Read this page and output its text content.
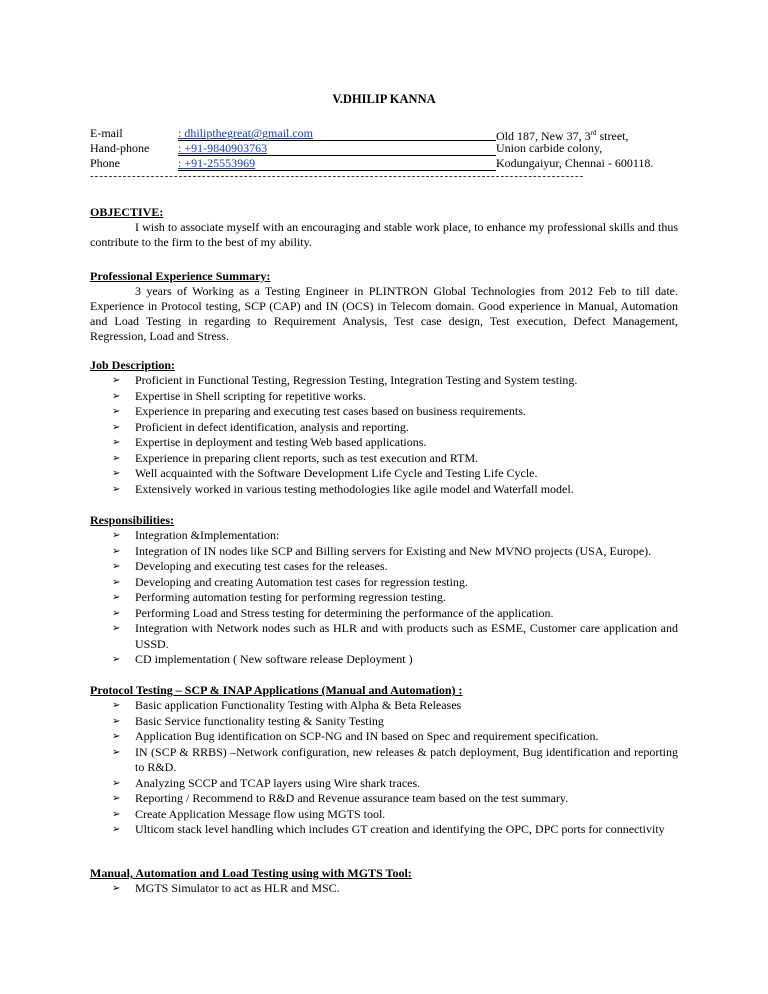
V.DHILIP KANNA
E-mail	: dhilipthegreat@gmail.com	Old 187, New 37, 3rd street,
Hand-phone : +91-9840903763	Union carbide colony,
Phone	: +91-25553969	Kodungaiyur, Chennai - 600118.
----------------------------------------------------------------------------------------------------------
OBJECTIVE:
I wish to associate myself with an encouraging and stable work place, to enhance my professional skills and thus contribute to the firm to the best of my ability.
Professional Experience Summary:
3 years of Working as a Testing Engineer in PLINTRON Global Technologies from 2012 Feb to till date. Experience in Protocol testing, SCP (CAP) and IN (OCS) in Telecom domain. Good experience in Manual, Automation and Load Testing in regarding to Requirement Analysis, Test case design, Test execution, Defect Management, Regression, Load and Stress.
Job Description:
➢ Proficient in Functional Testing, Regression Testing, Integration Testing and System testing.
➢ Expertise in Shell scripting for repetitive works.
➢ Experience in preparing and executing test cases based on business requirements.
➢ Proficient in defect identification, analysis and reporting.
➢ Expertise in deployment and testing Web based applications.
➢ Experience in preparing client reports, such as test execution and RTM.
➢ Well acquainted with the Software Development Life Cycle and Testing Life Cycle.
➢ Extensively worked in various testing methodologies like agile model and Waterfall model.
Responsibilities:
➢ Integration &Implementation:
➢ Integration of IN nodes like SCP and Billing servers for Existing and New MVNO projects (USA, Europe).
➢ Developing and executing test cases for the releases.
➢ Developing and creating Automation test cases for regression testing.
➢ Performing automation testing for performing regression testing.
➢ Performing Load and Stress testing for determining the performance of the application.
➢ Integration with Network nodes such as HLR and with products such as ESME, Customer care application and USSD.
➢ CD implementation ( New software release Deployment )
Protocol Testing – SCP & INAP Applications (Manual and Automation) :
➢ Basic application Functionality Testing with Alpha & Beta Releases
➢ Basic Service functionality testing & Sanity Testing
➢ Application Bug identification on SCP-NG and IN based on Spec and requirement specification.
➢ IN (SCP & RRBS) –Network configuration, new releases & patch deployment, Bug identification and reporting to R&D.
➢ Analyzing SCCP and TCAP layers using Wire shark traces.
➢ Reporting / Recommend to R&D and Revenue assurance team based on the test summary.
➢ Create Application Message flow using MGTS tool.
➢ Ulticom stack level handling which includes GT creation and identifying the OPC, DPC ports for connectivity
Manual, Automation and Load Testing using with MGTS Tool:
➢ MGTS Simulator to act as HLR and MSC.
